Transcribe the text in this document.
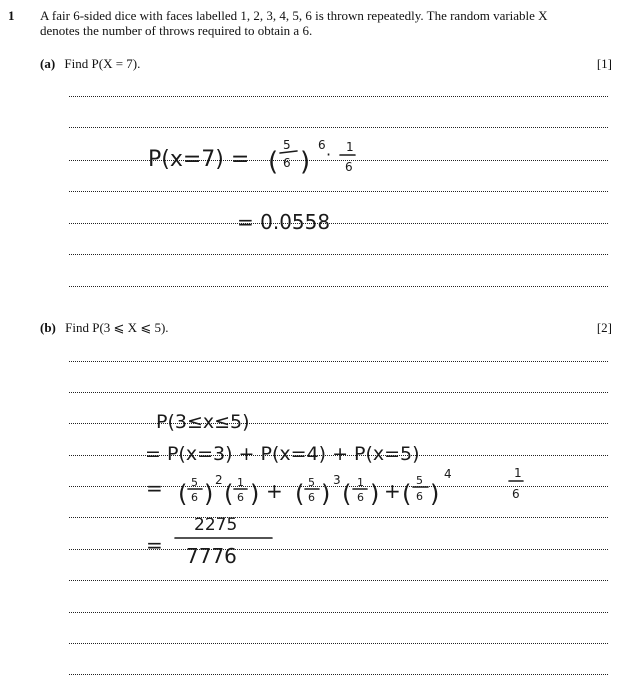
1 A fair 6-sided dice with faces labelled 1, 2, 3, 4, 5, 6 is thrown repeatedly. The random variable X
denotes the number of throws required to obtain a 6.
(a) Find P(X = 7).	[1]
(b) Find P(3 ⩽ X ⩽ 5).	[2]
P(x=7) = (
5
6 )
6 · 1
6
= 0.0558
P(3≤x≤5)
= P(x=3) + P(x=4) + P(x=5)
= ( 5
6 ) 2 ( 1
6 ) + ( 5
6 ) 3 ( 1
6 ) + ( 5
6 )
4	1
6
=
2275
7776
